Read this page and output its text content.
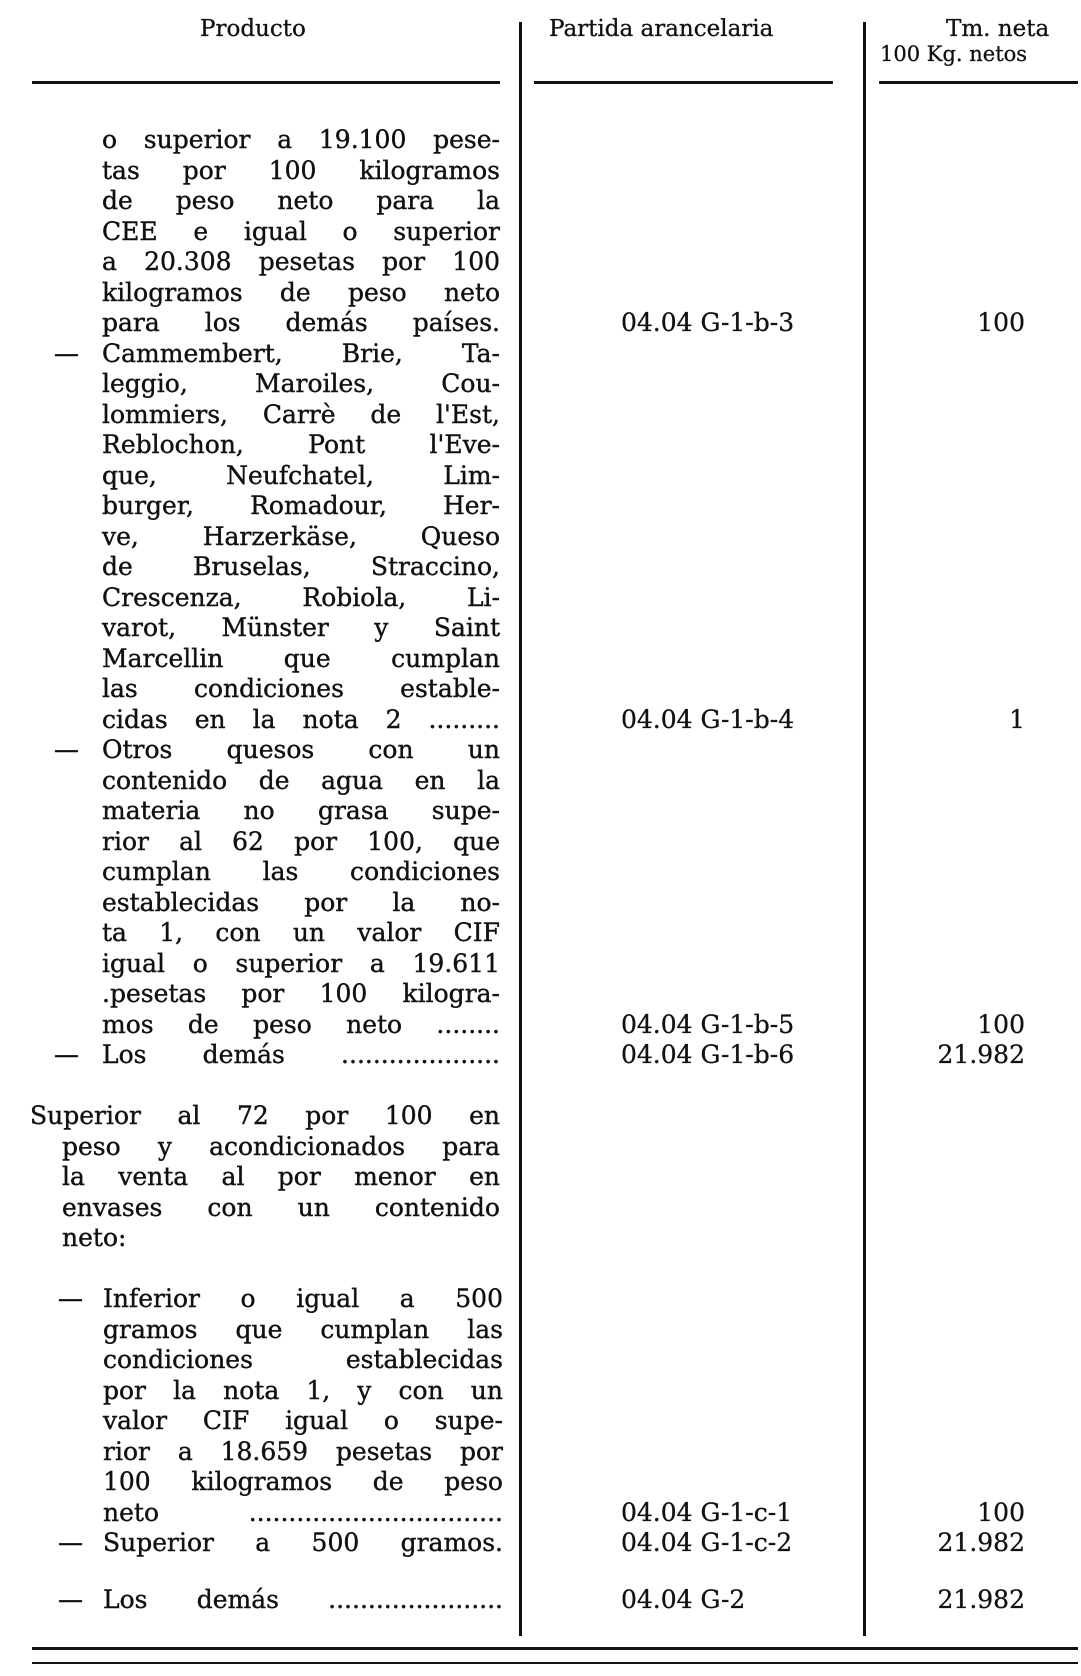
Producto	Partida arancelaria	Tm. neta
100 Kg. netos
o superior a 19.100 pese-
tas por 100 kilogramos
de peso neto para la
CEE e igual o superior
a 20.308 pesetas por 100
kilogramos de peso neto
para los demás países.	04.04 G-1-b-3	100
— Cammembert, Brie, Ta-
leggio, Maroiles, Cou-
lommiers, Carrè de l'Est,
Reblochon, Pont l'Eve-
que, Neufchatel, Lim-
burger, Romadour, Her-
ve, Harzerkäse, Queso
de Bruselas, Straccino,
Crescenza, Robiola, Li-
varot, Münster y Saint
Marcellin que cumplan
las condiciones estable-
cidas en la nota 2 .........	04.04 G-1-b-4	1
— Otros quesos con un
contenido de agua en la
materia no grasa supe-
rior al 62 por 100, que
cumplan las condiciones
establecidas por la no-
ta 1, con un valor CIF
igual o superior a 19.611
.pesetas por 100 kilogra-
mos de peso neto ........	04.04 G-1-b-5	100
— Los demás ....................	04.04 G-1-b-6	21.982
Superior al 72 por 100 en
peso y acondicionados para
la venta al por menor en
envases con un contenido
neto:
— Inferior o igual a 500
gramos que cumplan las
condiciones establecidas
por la nota 1, y con un
valor CIF igual o supe-
rior a 18.659 pesetas por
100 kilogramos de peso
neto ................................	04.04 G-1-c-1	100
— Superior a 500 gramos.	04.04 G-1-c-2	21.982
— Los demás ......................	04.04 G-2	21.982
